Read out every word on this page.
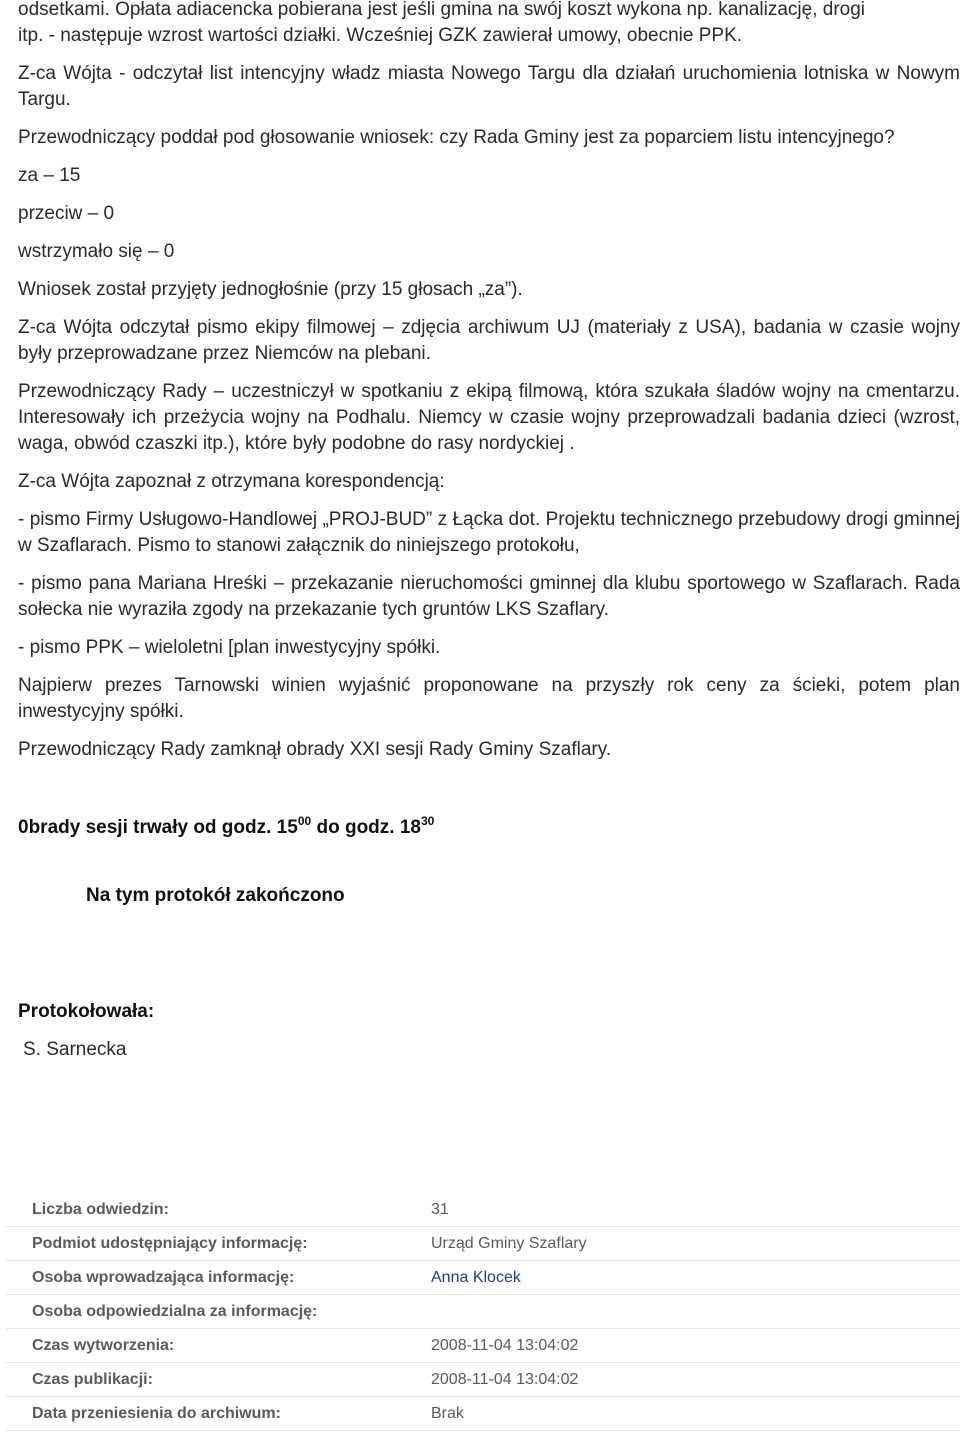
odsetkami. Opłata adiacencka pobierana jest jeśli gmina na swój koszt wykona np. kanalizację, drogi

itp. - następuje wzrost wartości działki. Wcześniej GZK zawierał umowy, obecnie PPK.

Z-ca Wójta - odczytał list intencyjny władz miasta Nowego Targu dla działań uruchomienia lotniska w Nowym Targu.

Przewodniczący poddał pod głosowanie wniosek: czy Rada Gminy jest za poparciem listu intencyjnego?

za – 15

przeciw – 0

wstrzymało się – 0

Wniosek został przyjęty jednogłośnie (przy 15 głosach „za”).

Z-ca Wójta odczytał pismo ekipy filmowej – zdjęcia archiwum UJ (materiały z USA), badania w czasie wojny były przeprowadzane przez Niemców na plebani.

Przewodniczący Rady – uczestniczył w spotkaniu z ekipą filmową, która szukała śladów wojny na cmentarzu. Interesowały ich przeżycia wojny na Podhalu. Niemcy w czasie wojny przeprowadzali badania dzieci (wzrost, waga, obwód czaszki itp.), które były podobne do rasy nordyckiej .

Z-ca Wójta zapoznał z otrzymana korespondencją:

- pismo Firmy Usługowo-Handlowej „PROJ-BUD” z Łącka dot. Projektu technicznego przebudowy drogi gminnej w Szaflarach. Pismo to stanowi załącznik do niniejszego protokołu,

- pismo pana Mariana Hreśki – przekazanie nieruchomości gminnej dla klubu sportowego w Szaflarach. Rada sołecka nie wyraziła zgody na przekazanie tych gruntów LKS Szaflary.

- pismo PPK – wieloletni [plan inwestycyjny spółki.

Najpierw prezes Tarnowski winien wyjaśnić proponowane na przyszły rok ceny za ścieki, potem plan inwestycyjny spółki.

Przewodniczący Rady zamknął obrady XXI sesji Rady Gminy Szaflary.

0brady sesji trwały od godz. $15^{00}$ do godz. $18^{30}$

Na tym protokół zakończono

Protokołowała:

S. Sarnecka

Liczba odwiedzin:	31
Podmiot udostępniający informację:	Urząd Gminy Szaflary
Osoba wprowadzająca informację:	Anna Klocek
Osoba odpowiedzialna za informację:	
Czas wytworzenia:	2008-11-04 13:04:02
Czas publikacji:	2008-11-04 13:04:02
Data przeniesienia do archiwum:	Brak
